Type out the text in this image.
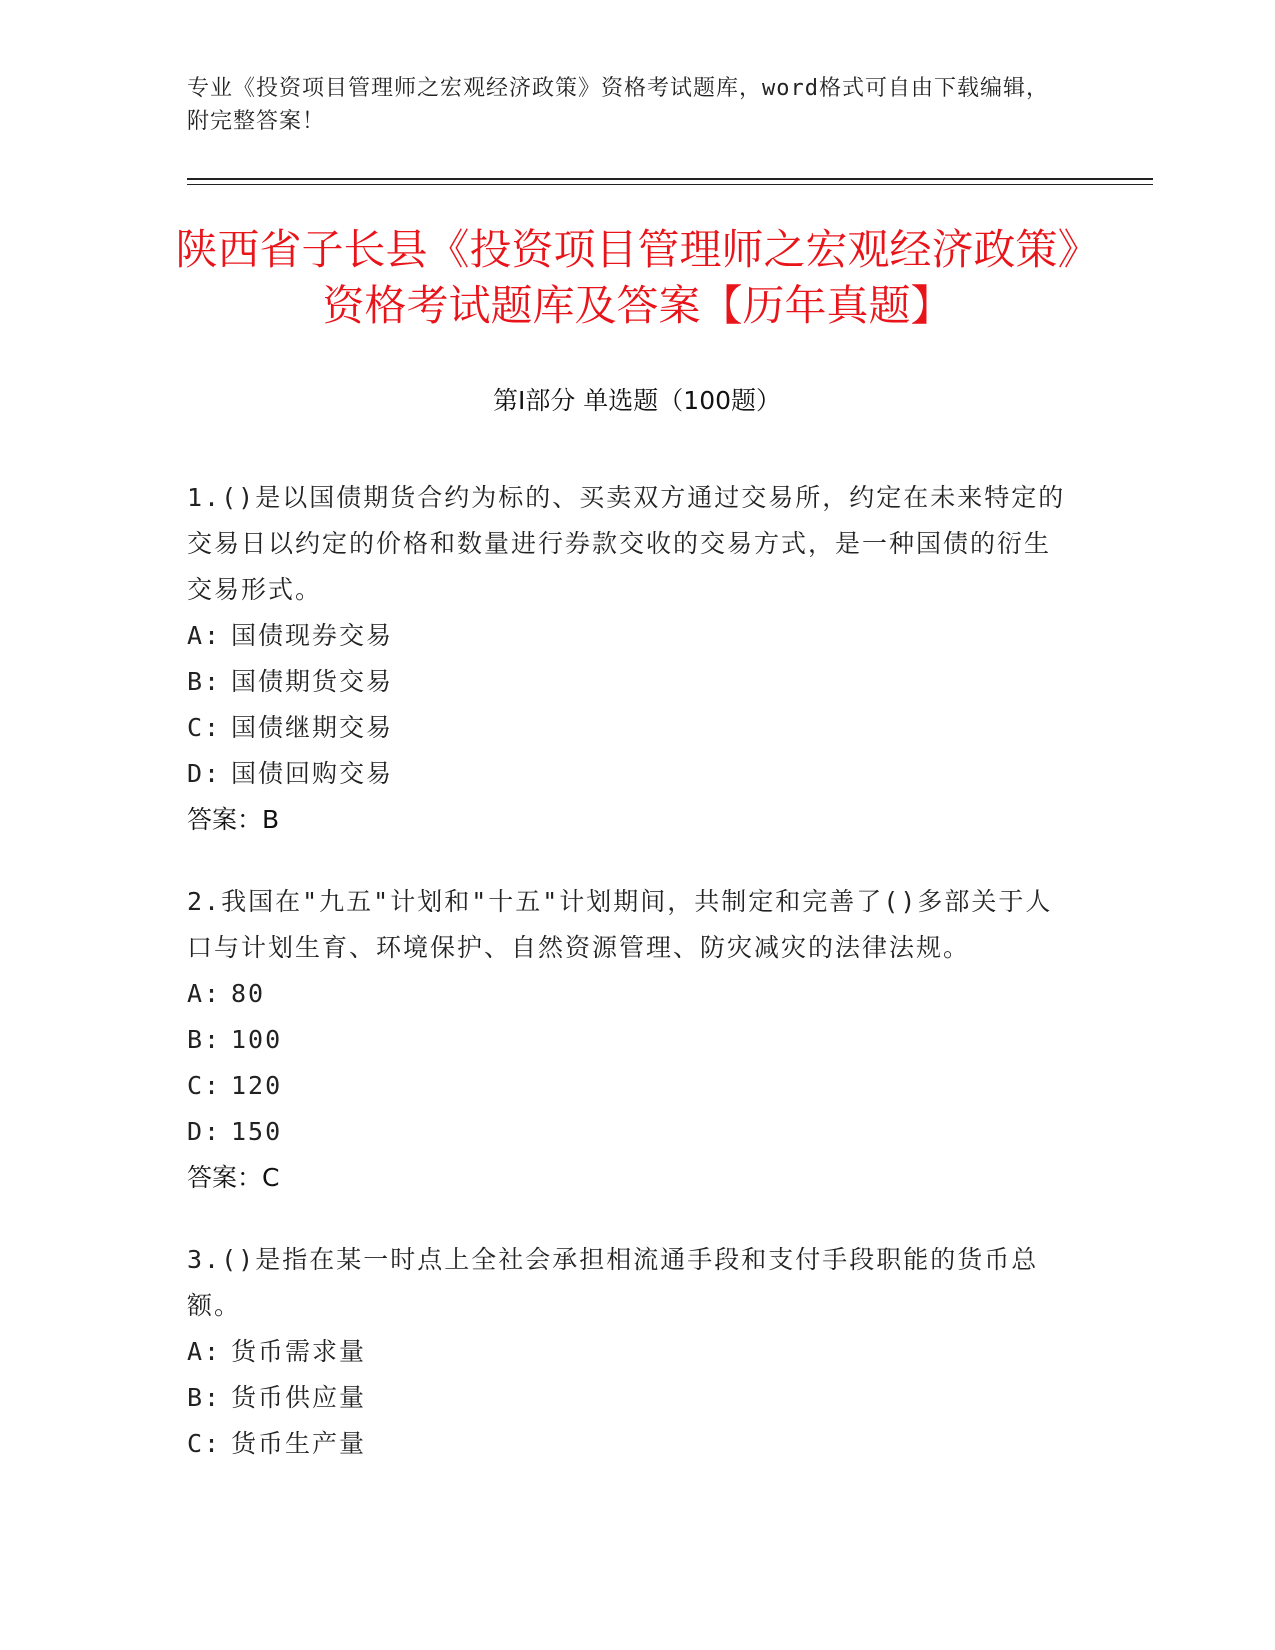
专业《投资项目管理师之宏观经济政策》资格考试题库，word格式可自由下载编辑，附完整答案！
陕西省子长县《投资项目管理师之宏观经济政策》资格考试题库及答案【历年真题】
第Ⅰ部分 单选题（100题）
1.()是以国债期货合约为标的、买卖双方通过交易所，约定在未来特定的交易日以约定的价格和数量进行券款交收的交易方式，是一种国债的衍生交易形式。
A: 国债现券交易
B: 国债期货交易
C: 国债继期交易
D: 国债回购交易
答案：B
2.我国在"九五"计划和"十五"计划期间，共制定和完善了()多部关于人口与计划生育、环境保护、自然资源管理、防灾减灾的法律法规。
A: 80
B: 100
C: 120
D: 150
答案：C
3.()是指在某一时点上全社会承担相流通手段和支付手段职能的货币总额。
A: 货币需求量
B: 货币供应量
C: 货币生产量
